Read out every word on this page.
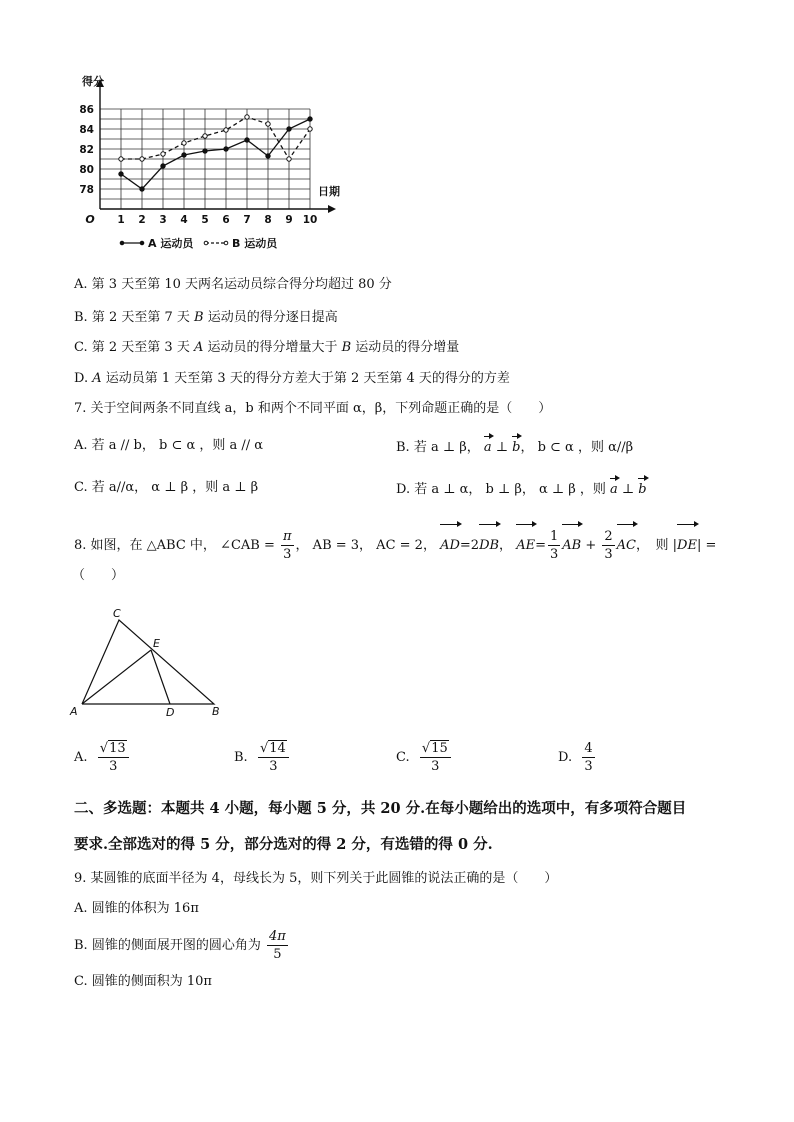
1 2 3 4 5 6 7 8 9 10
78
80
82
84
86
O
得分
日期
A 运动员	B 运动员
A. 第 3 天至第 10 天两名运动员综合得分均超过 80 分
B. 第 2 天至第 7 天 B 运动员的得分逐日提高
C. 第 2 天至第 3 天 A 运动员的得分增量大于 B 运动员的得分增量
D. A 运动员第 1 天至第 3 天的得分方差大于第 2 天至第 4 天的得分的方差
7. 关于空间两条不同直线 a，b 和两个不同平面 α，β，下列命题正确的是（　　）
A. 若 a // b， b ⊂ α ，则 a // α	B. 若 a ⊥ β， a ⊥ b， b ⊂ α ，则 α//β
C. 若 a//α， α ⊥ β ，则 a ⊥ β	D. 若 a ⊥ α， b ⊥ β， α ⊥ β ，则 a ⊥ b
8. 如图，在 △ABC 中， ∠CAB = $\frac{\pi}{3}$ ， AB = 3， AC = 2， AD=2DB， $AE= \frac{1}{3}$ AB + $\frac{2}{3}$ AC，　则 |DE| =
（　　）
A	B
C
D
E
A. $\frac{√13}{3}$	B. $\frac{√14}{3}$	C. $\frac{√15}{3}$	D. $\frac{4}{3}$
二、多选题：本题共 4 小题，每小题 5 分，共 20 分.在每小题给出的选项中，有多项符合题目
要求.全部选对的得 5 分，部分选对的得 2 分，有选错的得 0 分.
9. 某圆锥的底面半径为 4，母线长为 5，则下列关于此圆锥的说法正确的是（　　）
A. 圆锥的体积为 16π
B. 圆锥的侧面展开图的圆心角为 $\frac{4\pi}{5}$
C. 圆锥的侧面积为 10π
